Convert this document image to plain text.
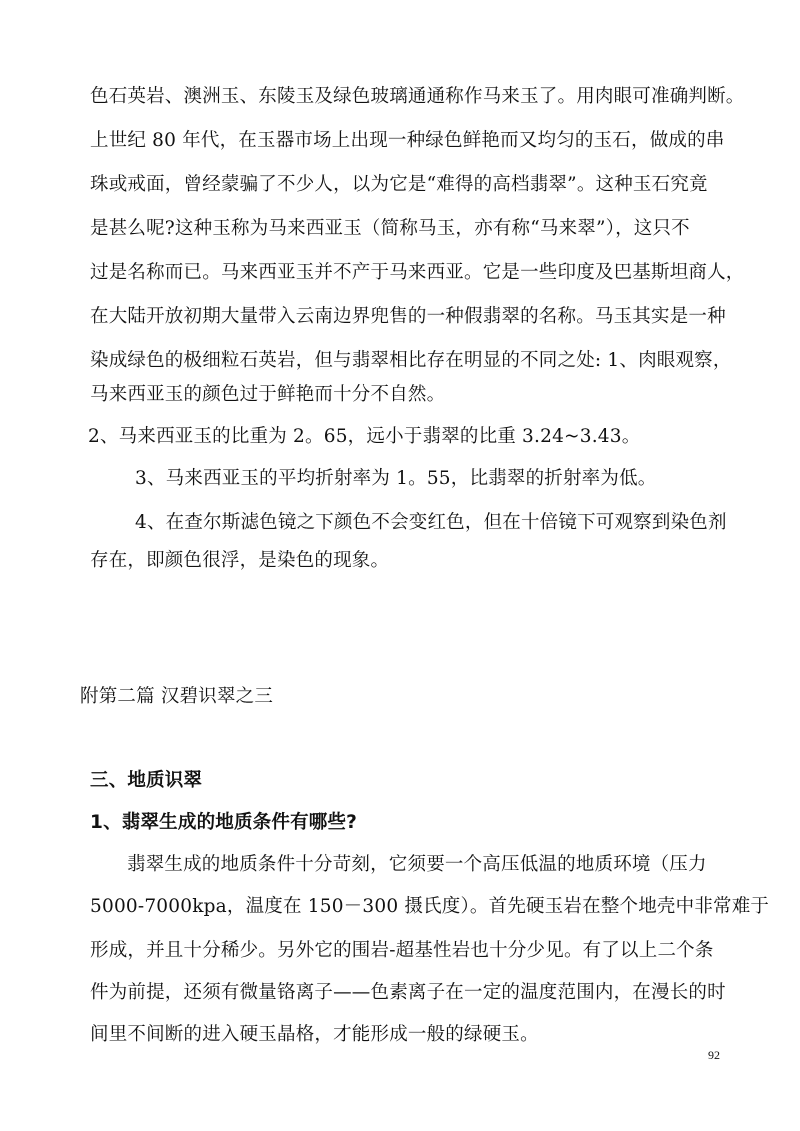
色石英岩、澳洲玉、东陵玉及绿色玻璃通通称作马来玉了。用肉眼可准确判断。
上世纪 80 年代，在玉器市场上出现一种绿色鲜艳而又均匀的玉石，做成的串
珠或戒面，曾经蒙骗了不少人，以为它是“难得的高档翡翠”。这种玉石究竟
是甚么呢?这种玉称为马来西亚玉（简称马玉，亦有称“马来翠”），这只不
过是名称而已。马来西亚玉并不产于马来西亚。它是一些印度及巴基斯坦商人，
在大陆开放初期大量带入云南边界兜售的一种假翡翠的名称。马玉其实是一种
染成绿色的极细粒石英岩，但与翡翠相比存在明显的不同之处: 1、肉眼观察，
马来西亚玉的颜色过于鲜艳而十分不自然。
2、马来西亚玉的比重为 2。65，远小于翡翠的比重 3.24~3.43。
3、马来西亚玉的平均折射率为 1。55，比翡翠的折射率为低。
4、在查尔斯滤色镜之下颜色不会变红色，但在十倍镜下可观察到染色剂
存在，即颜色很浮，是染色的现象。
附第二篇 汉碧识翠之三
三、地质识翠
1、翡翠生成的地质条件有哪些?
翡翠生成的地质条件十分苛刻，它须要一个高压低温的地质环境（压力
5000-7000kpa，温度在 150－300 摄氏度）。首先硬玉岩在整个地壳中非常难于
形成，并且十分稀少。另外它的围岩-超基性岩也十分少见。有了以上二个条
件为前提，还须有微量铬离子——色素离子在一定的温度范围内，在漫长的时
间里不间断的进入硬玉晶格，才能形成一般的绿硬玉。
92
